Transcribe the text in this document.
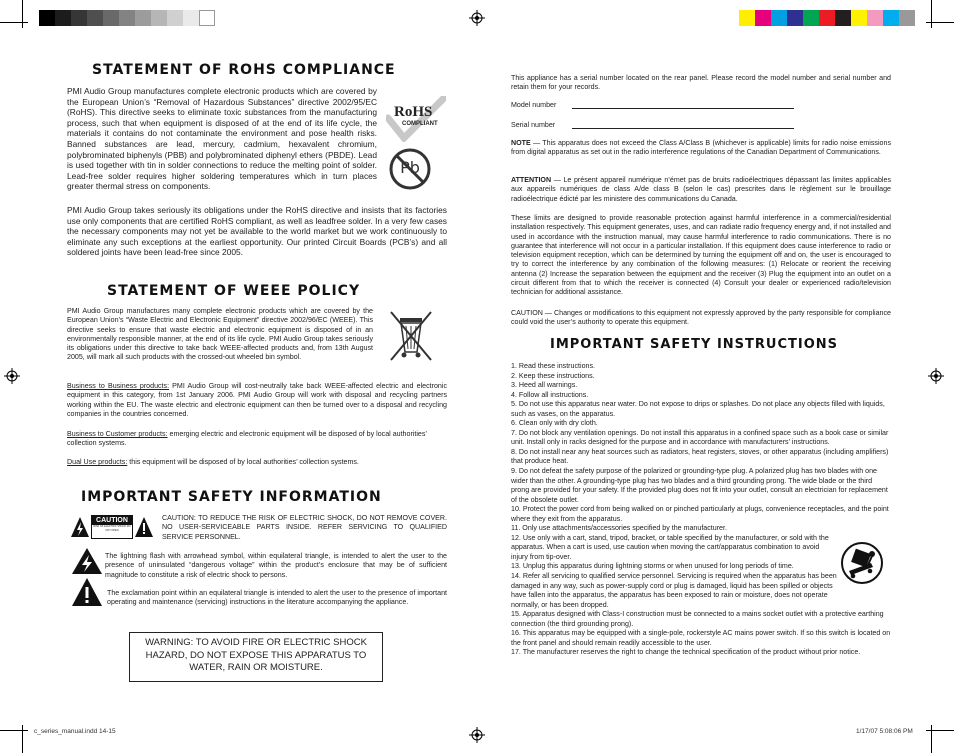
STATEMENT OF ROHS COMPLIANCE

PMI Audio Group manufactures complete electronic products which are covered by the European Union’s “Removal of Hazardous Substances” directive 2002/95/EC (RoHS). This directive seeks to eliminate toxic substances from the manufacturing process, such that when equipment is disposed of at the end of its life cycle, the materials it contains do not contaminate the environment and pose health risks. Banned substances are lead, mercury, cadmium, hexavalent chromium, polybrominated biphenyls (PBB) and polybrominated diphenyl ethers (PBDE). Lead is used together with tin in solder connections to reduce the melting point of solder. Lead-free solder requires higher soldering temperatures which in turn places greater thermal stress on components.

RoHS
COMPLIANT
Pb

PMI Audio Group takes seriously its obligations under the RoHS directive and insists that its factories use only components that are certified RoHS compliant, as well as leadfree solder. In a very few cases the necessary components may not yet be available to the world market but we work continuously to eliminate any such exceptions at the earliest opportunity. Our printed Circuit Boards (PCB’s) and all soldered joints have been lead-free since 2005.

STATEMENT OF WEEE POLICY

PMI Audio Group manufactures many complete electronic products which are covered by the European Union’s “Waste Electric and Electronic Equipment” directive 2002/96/EC (WEEE). This directive seeks to ensure that waste electric and electronic equipment is disposed of in an environmentally responsible manner, at the end of its life cycle. PMI Audio Group takes seriously its obligations under this directive to take back WEEE-affected products and, from 13th August 2005, will mark all such products with the crossed-out wheeled bin symbol.

Business to Business products: PMI Audio Group will cost-neutrally take back WEEE-affected electric and electronic equipment in this category, from 1st January 2006. PMI Audio Group will work with disposal and recycling partners working within the EU. The waste electric and electronic equipment can then be turned over to a disposal and recycling companies in the countries concerned.

Business to Customer products: emerging electric and electronic equipment will be disposed of by local authorities’ collection systems.

Dual Use products: this equipment will be disposed of by local authorities’ collection systems.

IMPORTANT SAFETY INFORMATION
CAUTION
RISK OF ELECTRIC SHOCK DO NOT OPEN

CAUTION: TO REDUCE THE RISK OF ELECTRIC SHOCK, DO NOT REMOVE COVER. NO USER-SERVICEABLE PARTS INSIDE. REFER SERVICING TO QUALIFIED SERVICE PERSONNEL.

The lightning flash with arrowhead symbol, within equilateral triangle, is intended to alert the user to the presence of uninsulated “dangerous voltage” within the product’s enclosure that may be of sufficient magnitude to constitute a risk of electric shock to persons.

The exclamation point within an equilateral triangle is intended to alert the user to the presence of important operating and maintenance (servicing) instructions in the literature accompanying the appliance.

WARNING: TO AVOID FIRE OR ELECTRIC SHOCK HAZARD, DO NOT EXPOSE THIS APPARATUS TO WATER, RAIN OR MOISTURE.

This appliance has a serial number located on the rear panel. Please record the model number and serial number and retain them for your records.

Model number
Serial number

NOTE — This apparatus does not exceed the Class A/Class B (whichever is applicable) limits for radio noise emissions from digital apparatus as set out in the radio interference regulations of the Canadian Department of Communications.

ATTENTION — Le présent appareil numérique n’émet pas de bruits radioélectriques dépassant las limites applicables aux appareils numériques de class A/de class B (selon le cas) prescrites dans le règlement sur le brouillage radioélectrique édicté par les ministere des communications du Canada.

These limits are designed to provide reasonable protection against harmful interference in a commercial/residential installation respectively. This equipment generates, uses, and can radiate radio frequency energy and, if not installed and used in accordance with the instruction manual, may cause harmful interference to radio communications. There is no guarantee that interference will not occur in a particular installation. If this equipment does cause interference to radio or television equipment reception, which can be determined by turning the equipment off and on, the user is encouraged to try to correct the interference by any combination of the following measures: (1) Relocate or reorient the receiving antenna (2) Increase the separation between the equipment and the receiver (3) Plug the equipment into an outlet on a circuit different from that to which the receiver is connected (4) Consult your dealer or experienced radio/television technician for additional assistance.

CAUTION — Changes or modifications to this equipment not expressly approved by the party responsible for compliance could void the user’s authority to operate this equipment.

IMPORTANT SAFETY INSTRUCTIONS
1. Read these instructions.
2. Keep these instructions.
3. Heed all warnings.
4. Follow all instructions.
5. Do not use this apparatus near water. Do not expose to drips or splashes. Do not place any objects filled with liquids, such as vases, on the apparatus.
6. Clean only with dry cloth.
7. Do not block any ventilation openings. Do not install this apparatus in a confined space such as a book case or similar unit. Install only in racks designed for the purpose and in accordance with manufacturers’ instructions.
8. Do not install near any heat sources such as radiators, heat registers, stoves, or other apparatus (including amplifiers) that produce heat.
9. Do not defeat the safety purpose of the polarized or grounding-type plug. A polarized plug has two blades with one wider than the other. A grounding-type plug has two blades and a third grounding prong. The wide blade or the third prong are provided for your safety. If the provided plug does not fit into your outlet, consult an electrician for replacement of the obsolete outlet.
10. Protect the power cord from being walked on or pinched particularly at plugs, convenience receptacles, and the point where they exit from the apparatus.
11. Only use attachments/accessories specified by the manufacturer.
12. Use only with a cart, stand, tripod, bracket, or table specified by the manufacturer, or sold with the apparatus. When a cart is used, use caution when moving the cart/apparatus combination to avoid injury from tip-over.
13. Unplug this apparatus during lightning storms or when unused for long periods of time.
14. Refer all servicing to qualified service personnel. Servicing is required when the apparatus has been damaged in any way, such as power-supply cord or plug is damaged, liquid has been spilled or objects have fallen into the apparatus, the apparatus has been exposed to rain or moisture, does not operate normally, or has been dropped.
15. Apparatus designed with Class-I construction must be connected to a mains socket outlet with a protective earthing connection (the third grounding prong).
16. This apparatus may be equipped with a single-pole, rockerstyle AC mains power switch. If so this switch is located on the front panel and should remain readily accessible to the user.
17. The manufacturer reserves the right to change the technical specification of the product without prior notice.
c_series_manual.indd 14-15	1/17/07 5:08:06 PM
